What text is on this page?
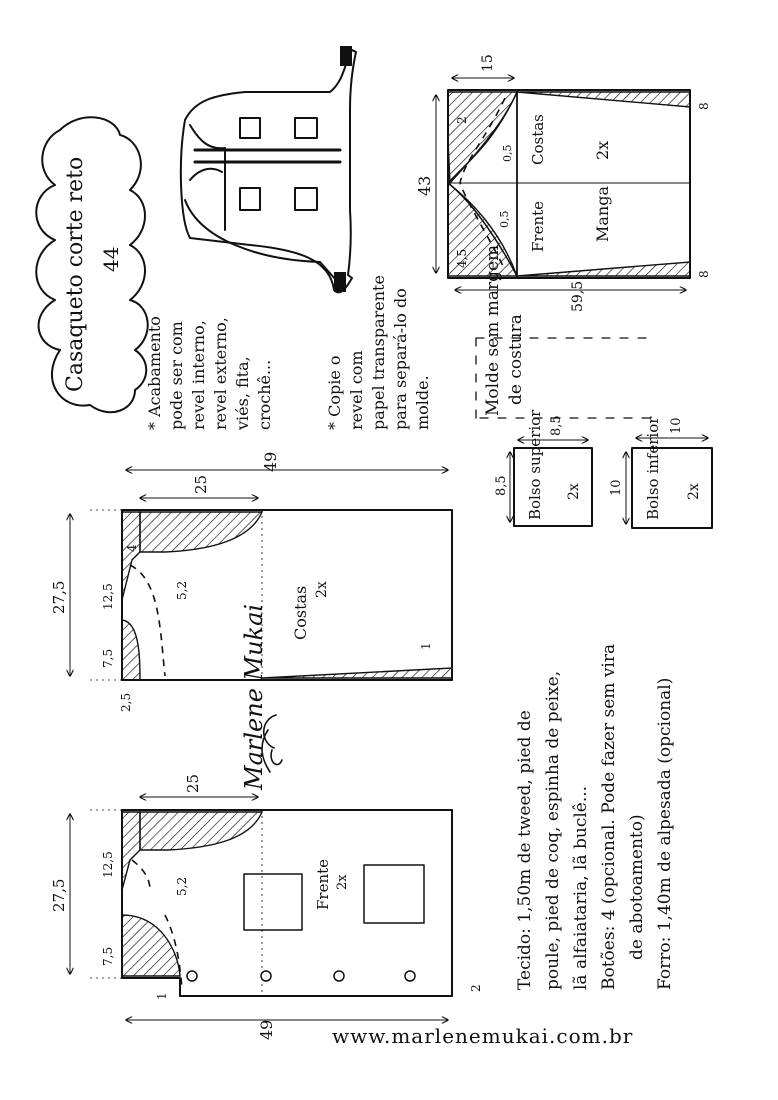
Casaqueto corte reto 44
* Acabamento pode ser com revel interno, revel externo, viés, fita, crochê...	* Copie o revel com papel transparente para separá-lo do molde.
15
43
59,5
8
8
2
0,5
0,5
4,5
Costas
Frente
2x
Manga
Molde sem margem de costura
8,5
8,5
Bolso superior 2x 10
10
Bolso inferior 2x
49
27,5
25
4
12,5
7,5
2,5
5,2
1
Costas 2x
Marlene Mukai
49
27,5
25
12,5
7,5
5,2
1
2
Frente 2x	Tecido: 1,50m de tweed, pied de poule, pied de coq, espinha de peixe, lã alfaiataria, lã buclê... Botões: 4 (opcional. Pode fazer sem vira de abotoamento) Forro: 1,40m de alpesada (opcional)
www.marlenemukai.com.br
